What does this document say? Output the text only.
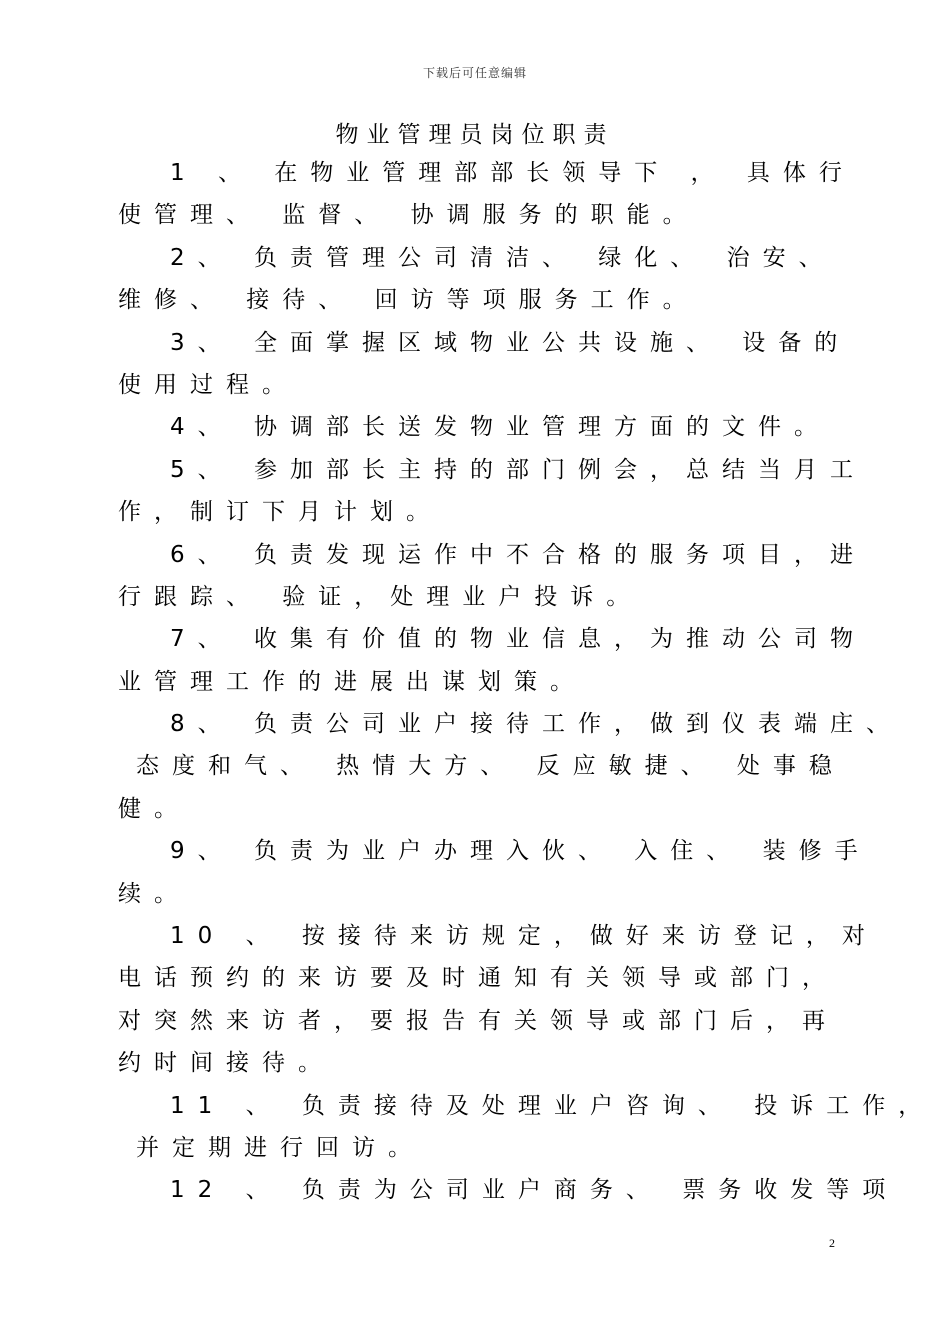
下载后可任意编辑
物业管理员岗位职责
1 、 在物业管理部部长领导下 ， 具体行
使管理、 监督、 协调服务的职能。
2、 负责管理公司清洁、 绿化、 治安、
维修、 接待、 回访等项服务工作。
3、 全面掌握区域物业公共设施、 设备的
使用过程。
4、 协调部长送发物业管理方面的文件。
5、 参加部长主持的部门例会，总结当月工
作，制订下月计划。
6、 负责发现运作中不合格的服务项目，进
行跟踪、 验证，处理业户投诉。
7、 收集有价值的物业信息，为推动公司物
业管理工作的进展出谋划策。
8、 负责公司业户接待工作，做到仪表端庄、
态度和气、 热情大方、 反应敏捷、 处事稳
健。
9、 负责为业户办理入伙、 入住、 装修手
续。
10 、 按接待来访规定，做好来访登记，对
电话预约的来访要及时通知有关领导或部门，
对突然来访者，要报告有关领导或部门后，再
约时间接待。
11 、 负责接待及处理业户咨询、 投诉工作，
并定期进行回访。
12 、 负责为公司业户商务、 票务收发等项
2
